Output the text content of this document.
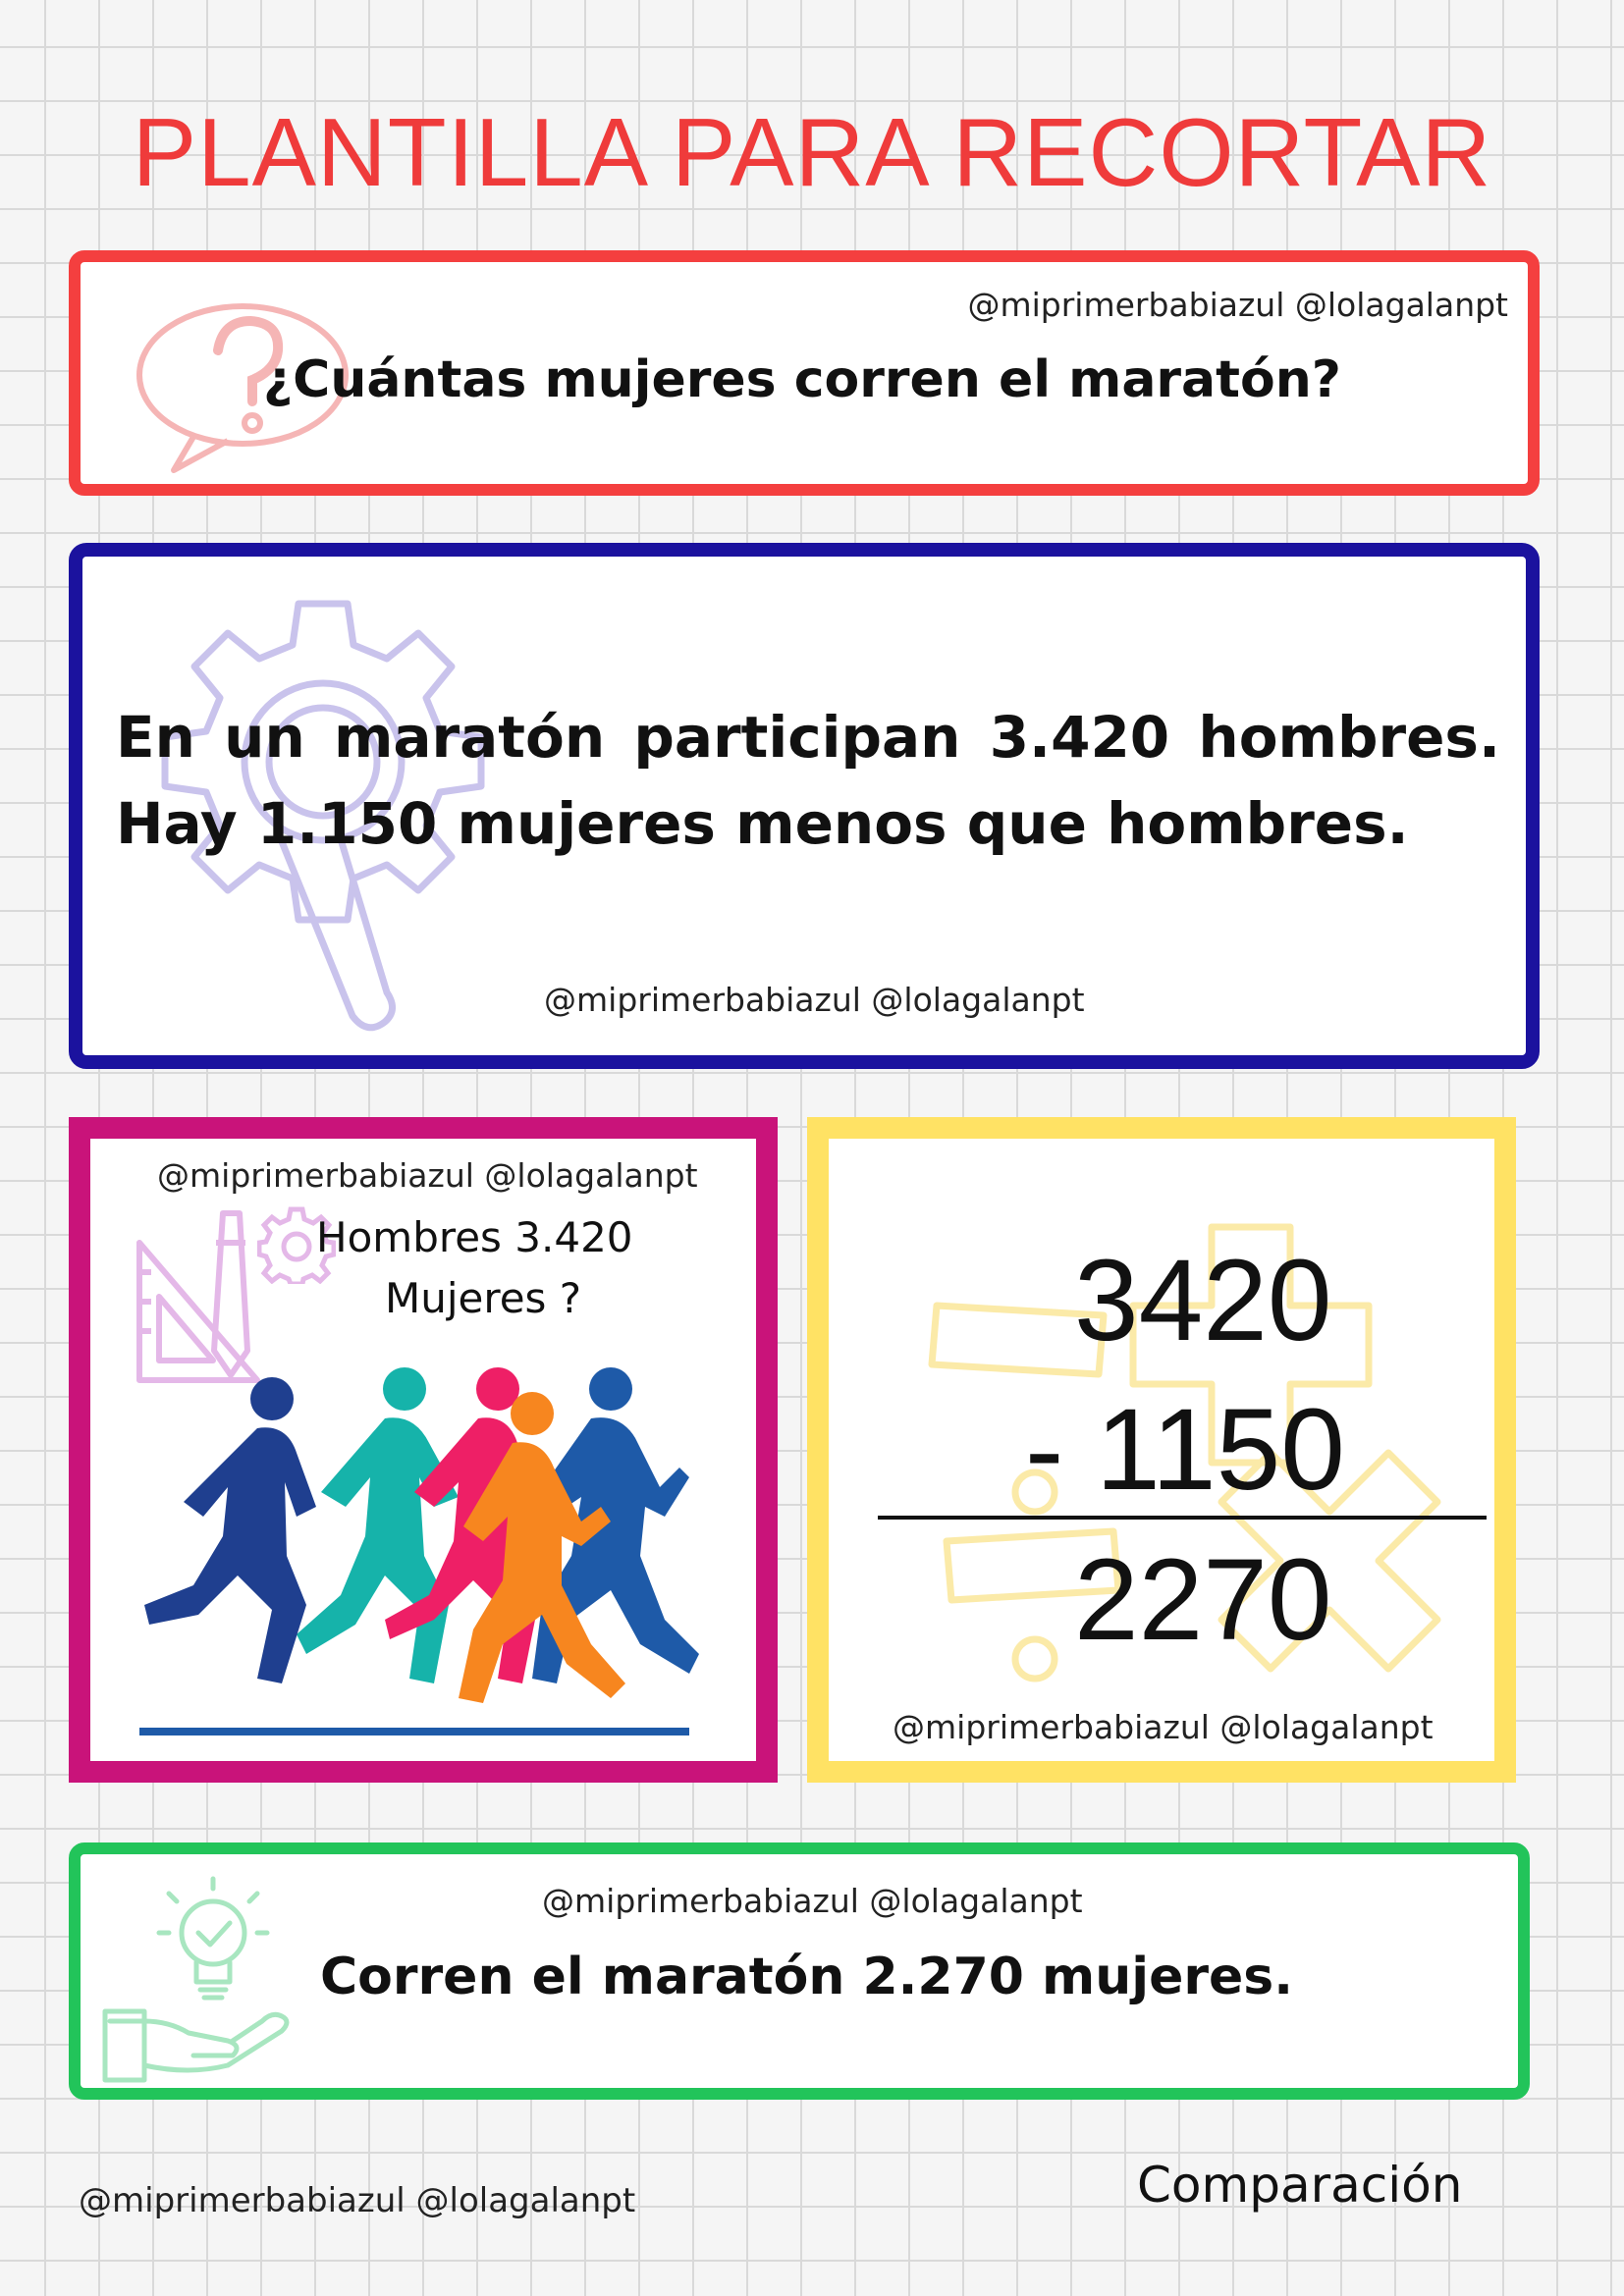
PLANTILLA PARA RECORTAR
@miprimerbabiazul @lolagalanpt
¿Cuántas mujeres corren el maratón?
En un maratón participan 3.420 hombres.
Hay 1.150 mujeres menos que hombres.
@miprimerbabiazul @lolagalanpt
@miprimerbabiazul @lolagalanpt
Hombres 3.420
Mujeres ?	3420
- 1150
2270
@miprimerbabiazul @lolagalanpt
@miprimerbabiazul @lolagalanpt
Corren el maratón 2.270 mujeres.
@miprimerbabiazul @lolagalanpt	Comparación
